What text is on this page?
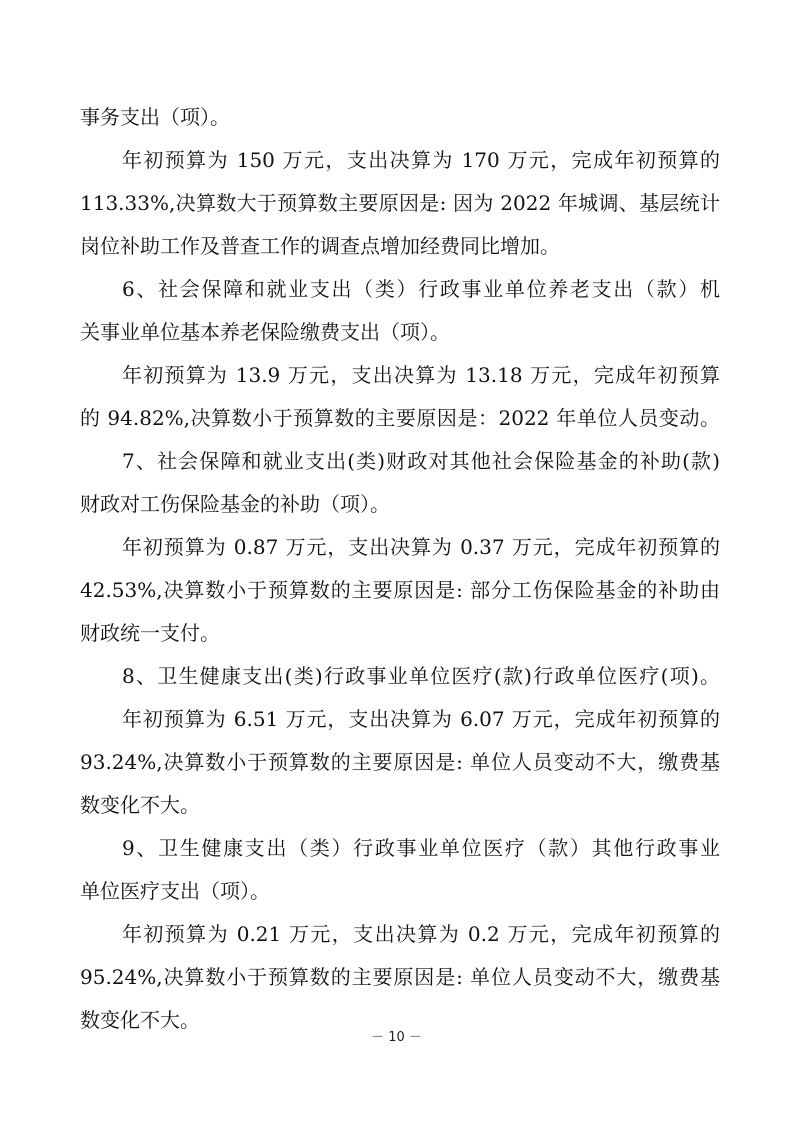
事务支出（项）。
年初预算为 150 万元，支出决算为 170 万元，完成年初预算的
113.33%,决算数大于预算数主要原因是: 因为 2022 年城调、基层统计
岗位补助工作及普查工作的调查点增加经费同比增加。
6、社会保障和就业支出（类）行政事业单位养老支出（款）机
关事业单位基本养老保险缴费支出（项）。
年初预算为 13.9 万元，支出决算为 13.18 万元，完成年初预算
的 94.82%,决算数小于预算数的主要原因是：2022 年单位人员变动。
7、社会保障和就业支出(类)财政对其他社会保险基金的补助(款)
财政对工伤保险基金的补助（项）。
年初预算为 0.87 万元，支出决算为 0.37 万元，完成年初预算的
42.53%,决算数小于预算数的主要原因是: 部分工伤保险基金的补助由
财政统一支付。
8、卫生健康支出(类)行政事业单位医疗(款)行政单位医疗(项)。
年初预算为 6.51 万元，支出决算为 6.07 万元，完成年初预算的
93.24%,决算数小于预算数的主要原因是: 单位人员变动不大，缴费基
数变化不大。
9、卫生健康支出（类）行政事业单位医疗（款）其他行政事业
单位医疗支出（项）。
年初预算为 0.21 万元，支出决算为 0.2 万元，完成年初预算的
95.24%,决算数小于预算数的主要原因是: 单位人员变动不大，缴费基
数变化不大。
－ 10 －
